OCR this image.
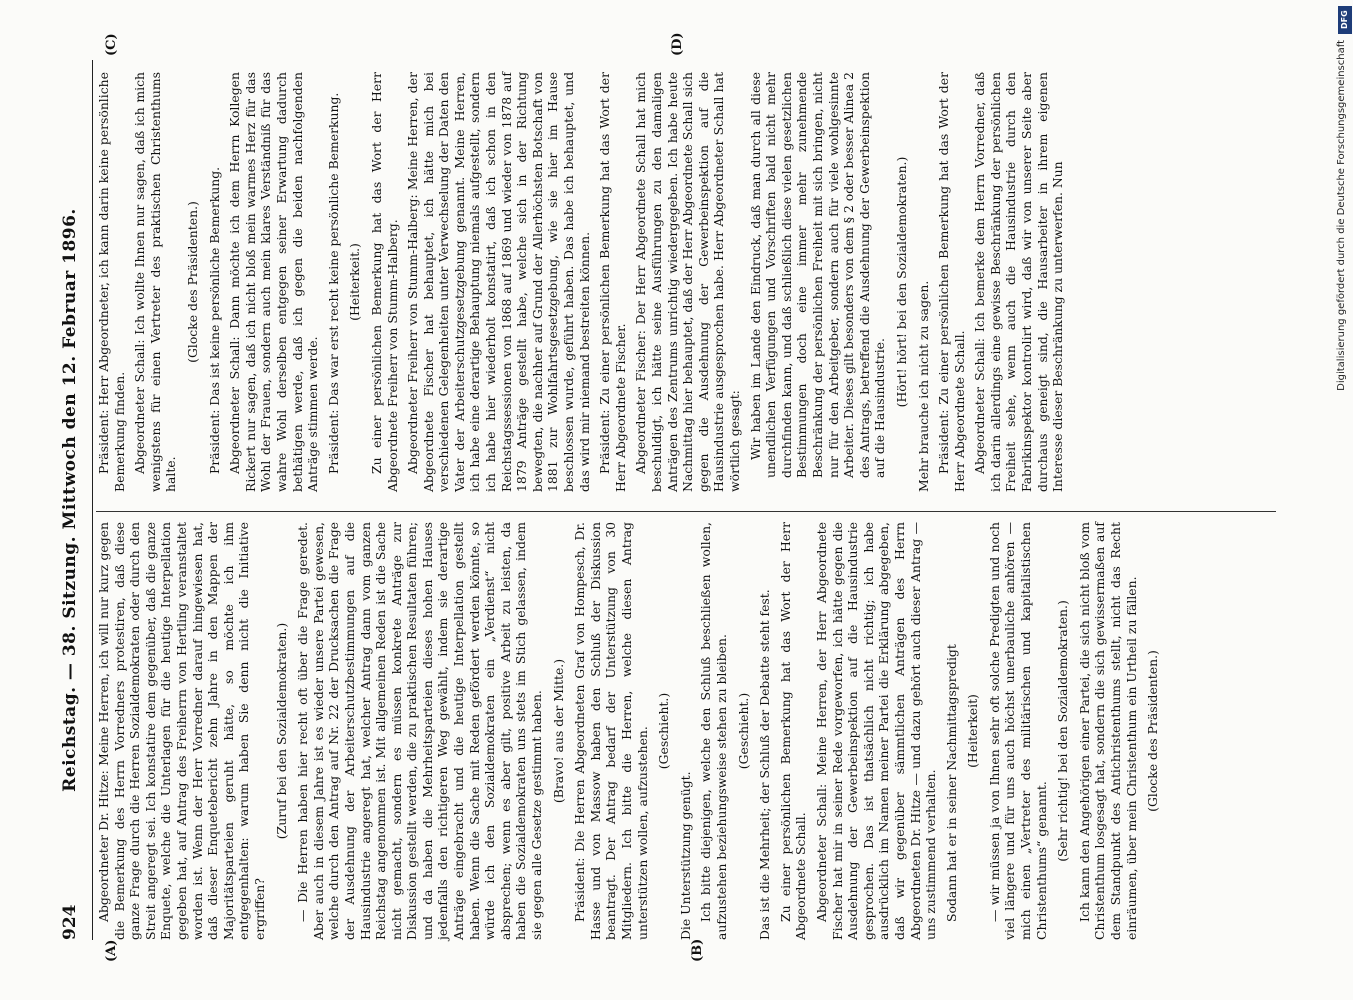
924
Reichstag. — 38. Sitzung. Mittwoch den 12. Februar 1896.
(A)	(B)
(C)	(D)

Abgeordneter Dr. Hitze: Meine Herren, ich will nur kurz gegen die Bemerkung des Herrn Vorredners protestiren, daß diese ganze Frage durch die Herren Sozialdemokraten oder durch den Streit angeregt sei. Ich konstatire dem gegenüber, daß die ganze Enquete, welche die Unterlagen für die heutige Interpellation gegeben hat, auf Antrag des Freiherrn von Hertling veranstaltet worden ist. Wenn der Herr Vorredner darauf hingewiesen hat, daß dieser Enquetebericht zehn Jahre in den Mappen der Majoritätsparteien geruht hätte, so möchte ich ihm entgegenhalten: warum haben Sie denn nicht die Initiative ergriffen?

(Zuruf bei den Sozialdemokraten.) — Die Herren haben hier recht oft über die Frage geredet. Aber auch in diesem Jahre ist es wieder unsere Partei gewesen, welche durch den Antrag auf Nr. 22 der Drucksachen die Frage der Ausdehnung der Arbeiterschutzbestimmungen auf die Hausindustrie angeregt hat, welcher Antrag dann vom ganzen Reichstag angenommen ist. Mit allgemeinen Reden ist die Sache nicht gemacht, sondern es müssen konkrete Anträge zur Diskussion gestellt werden, die zu praktischen Resultaten führen; und da haben die Mehrheitsparteien dieses hohen Hauses jedenfalls den richtigeren Weg gewählt, indem sie derartige Anträge eingebracht und die heutige Interpellation gestellt haben. Wenn die Sache mit Reden gefördert werden könnte, so würde ich den Sozialdemokraten ein „Verdienst“ nicht absprechen; wenn es aber gilt, positive Arbeit zu leisten, da haben die Sozialdemokraten uns stets im Stich gelassen, indem sie gegen alle Gesetze gestimmt haben. (Bravo! aus der Mitte.) Präsident: Die Herren Abgeordneten Graf von Hompesch, Dr. Hasse und von Massow haben den Schluß der Diskussion beantragt. Der Antrag bedarf der Unterstützung von 30 Mitgliedern. Ich bitte die Herren, welche diesen Antrag unterstützen wollen, aufzustehen. (Geschieht.)

Die Unterstützung genügt. Ich bitte diejenigen, welche den Schluß beschließen wollen, aufzustehen beziehungsweise stehen zu bleiben. (Geschieht.) Das ist die Mehrheit; der Schluß der Debatte steht fest. Zu einer persönlichen Bemerkung hat das Wort der Herr Abgeordnete Schall. Abgeordneter Schall: Meine Herren, der Herr Abgeordnete Fischer hat mir in seiner Rede vorgeworfen, ich hätte gegen die Ausdehnung der Gewerbeinspektion auf die Hausindustrie gesprochen. Das ist thatsächlich nicht richtig; ich habe ausdrücklich im Namen meiner Partei die Erklärung abgegeben, daß wir gegenüber sämmtlichen Anträgen des Herrn Abgeordneten Dr. Hitze — und dazu gehört auch dieser Antrag — uns zustimmend verhalten. Sodann hat er in seiner Nachmittagspredigt (Heiterkeit) — wir müssen ja von Ihnen sehr oft solche Predigten und noch viel längere und für uns auch höchst unerbauliche anhören — mich einen „Vertreter des militärischen und kapitalistischen Christenthums“ genannt. (Sehr richtig! bei den Sozialdemokraten.) Ich kann den Angehörigen einer Partei, die sich nicht bloß vom Christenthum losgesagt hat, sondern die sich gewissermaßen auf dem Standpunkt des Antichristenthums stellt, nicht das Recht einräumen, über mein Christenthum ein Urtheil zu fällen. (Glocke des Präsidenten.)

Präsident: Herr Abgeordneter, ich kann darin keine persönliche Bemerkung finden. Abgeordneter Schall: Ich wollte Ihnen nur sagen, daß ich mich wenigstens für einen Vertreter des praktischen Christenthums halte.

(Glocke des Präsidenten.) Präsident: Das ist keine persönliche Bemerkung. Abgeordneter Schall: Dann möchte ich dem Herrn Kollegen Rickert nur sagen, daß ich nicht bloß mein warmes Herz für das Wohl der Frauen, sondern auch mein klares Verständniß für das wahre Wohl derselben entgegen seiner Erwartung dadurch bethätigen werde, daß ich gegen die beiden nachfolgenden Anträge stimmen werde. Präsident: Das war erst recht keine persönliche Bemerkung. (Heiterkeit.) Zu einer persönlichen Bemerkung hat das Wort der Herr Abgeordnete Freiherr von Stumm-Halberg. Abgeordneter Freiherr von Stumm-Halberg: Meine Herren, der Abgeordnete Fischer hat behauptet, ich hätte mich bei verschiedenen Gelegenheiten unter Verwechselung der Daten den Vater der Arbeiterschutzgesetzgebung genannt. Meine Herren, ich habe eine derartige Behauptung niemals aufgestellt, sondern ich habe hier wiederholt konstatirt, daß ich schon in den Reichstagssessionen von 1868 auf 1869 und wieder von 1878 auf 1879 Anträge gestellt habe, welche sich in der Richtung bewegten, die nachher auf Grund der Allerhöchsten Botschaft von 1881 zur Wohlfahrtsgesetzgebung, wie sie hier im Hause beschlossen wurde, geführt haben. Das habe ich behauptet, und das wird mir niemand bestreiten können. Präsident: Zu einer persönlichen Bemerkung hat das Wort der Herr Abgeordnete Fischer. Abgeordneter Fischer: Der Herr Abgeordnete Schall hat mich beschuldigt, ich hätte seine Ausführungen zu den damaligen Anträgen des Zentrums unrichtig wiedergegeben. Ich habe heute Nachmittag hier behauptet, daß der Herr Abgeordnete Schall sich gegen die Ausdehnung der Gewerbeinspektion auf die Hausindustrie ausgesprochen habe. Herr Abgeordneter Schall hat wörtlich gesagt: Wir haben im Lande den Eindruck, daß man durch all diese unendlichen Verfügungen und Vorschriften bald nicht mehr durchfinden kann, und daß schließlich diese vielen gesetzlichen Bestimmungen doch eine immer mehr zunehmende Beschränkung der persönlichen Freiheit mit sich bringen, nicht nur für den Arbeitgeber, sondern auch für viele wohlgesinnte Arbeiter. Dieses gilt besonders von dem § 2 oder besser Alinea 2 des Antrags, betreffend die Ausdehnung der Gewerbeinspektion auf die Hausindustrie.

(Hört! hört! bei den Sozialdemokraten.) Mehr brauche ich nicht zu sagen. Präsident: Zu einer persönlichen Bemerkung hat das Wort der Herr Abgeordnete Schall. Abgeordneter Schall: Ich bemerke dem Herrn Vorredner, daß ich darin allerdings eine gewisse Beschränkung der persönlichen Freiheit sehe, wenn auch die Hausindustrie durch den Fabrikinspektor kontrolirt wird, daß wir von unserer Seite aber durchaus geneigt sind, die Hausarbeiter in ihrem eigenen Interesse dieser Beschränkung zu unterwerfen. Nun

DFG
Digitalisierung gefördert durch die Deutsche Forschungsgemeinschaft
